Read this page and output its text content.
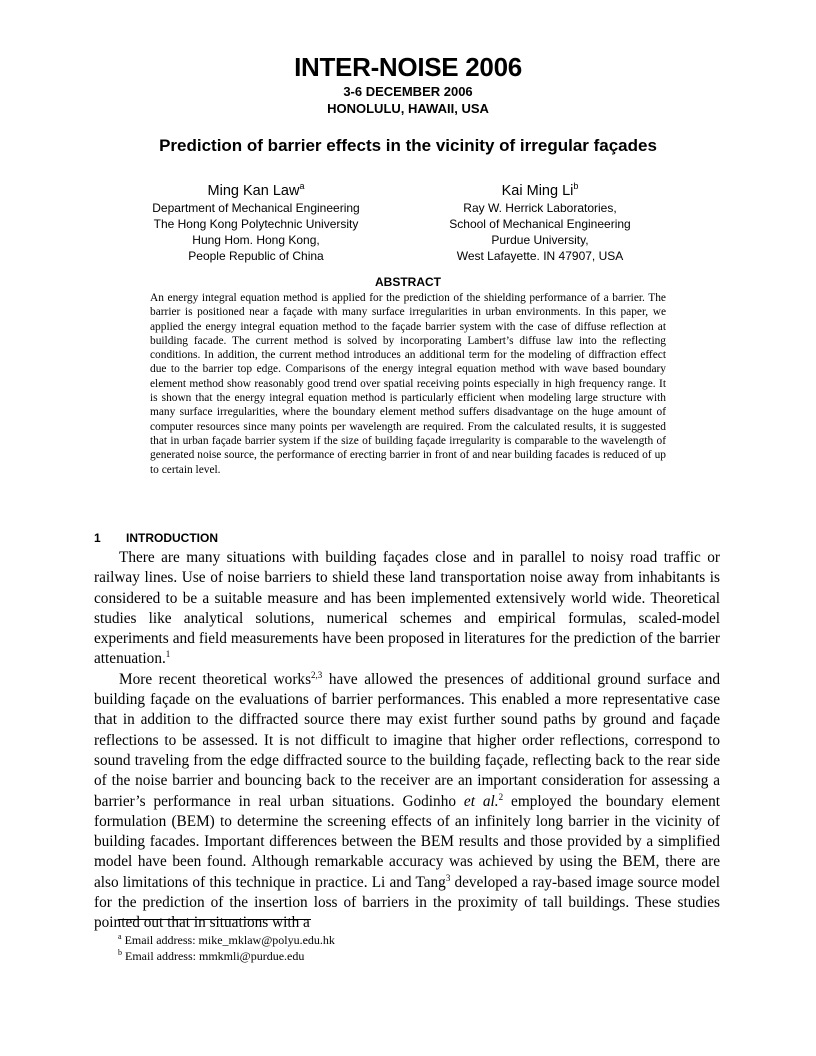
INTER-NOISE 2006
3-6 DECEMBER 2006
HONOLULU, HAWAII, USA
Prediction of barrier effects in the vicinity of irregular façades
Ming Kan Law$^a$
Department of Mechanical Engineering
The Hong Kong Polytechnic University
Hung Hom. Hong Kong,
People Republic of China
Kai Ming Li$^b$
Ray W. Herrick Laboratories,
School of Mechanical Engineering
Purdue University,
West Lafayette. IN 47907, USA
ABSTRACT

An energy integral equation method is applied for the prediction of the shielding performance of a barrier. The barrier is positioned near a façade with many surface irregularities in urban environments. In this paper, we applied the energy integral equation method to the façade barrier system with the case of diffuse reflection at building facade. The current method is solved by incorporating Lambert’s diffuse law into the reflecting conditions. In addition, the current method introduces an additional term for the modeling of diffraction effect due to the barrier top edge. Comparisons of the energy integral equation method with wave based boundary element method show reasonably good trend over spatial receiving points especially in high frequency range. It is shown that the energy integral equation method is particularly efficient when modeling large structure with many surface irregularities, where the boundary element method suffers disadvantage on the huge amount of computer resources since many points per wavelength are required. From the calculated results, it is suggested that in urban façade barrier system if the size of building façade irregularity is comparable to the wavelength of generated noise source, the performance of erecting barrier in front of and near building facades is reduced of up to certain level.

1 INTRODUCTION

There are many situations with building façades close and in parallel to noisy road traffic or railway lines. Use of noise barriers to shield these land transportation noise away from inhabitants is considered to be a suitable measure and has been implemented extensively world wide. Theoretical studies like analytical solutions, numerical schemes and empirical formulas, scaled-model experiments and field measurements have been proposed in literatures for the prediction of the barrier attenuation.$^1$

More recent theoretical works$^{2,3}$ have allowed the presences of additional ground surface and building façade on the evaluations of barrier performances. This enabled a more representative case that in addition to the diffracted source there may exist further sound paths by ground and façade reflections to be assessed. It is not difficult to imagine that higher order reflections, correspond to sound traveling from the edge diffracted source to the building façade, reflecting back to the rear side of the noise barrier and bouncing back to the receiver are an important consideration for assessing a barrier’s performance in real urban situations. Godinho et al.$^2$ employed the boundary element formulation (BEM) to determine the screening effects of an infinitely long barrier in the vicinity of building facades. Important differences between the BEM results and those provided by a simplified model have been found. Although remarkable accuracy was achieved by using the BEM, there are also limitations of this technique in practice. Li and Tang$^3$ developed a ray-based image source model for the prediction of the insertion loss of barriers in the proximity of tall buildings. These studies pointed out that in situations with a

$^a$ Email address: mike_mklaw@polyu.edu.hk
$^b$ Email address: mmkmli@purdue.edu
